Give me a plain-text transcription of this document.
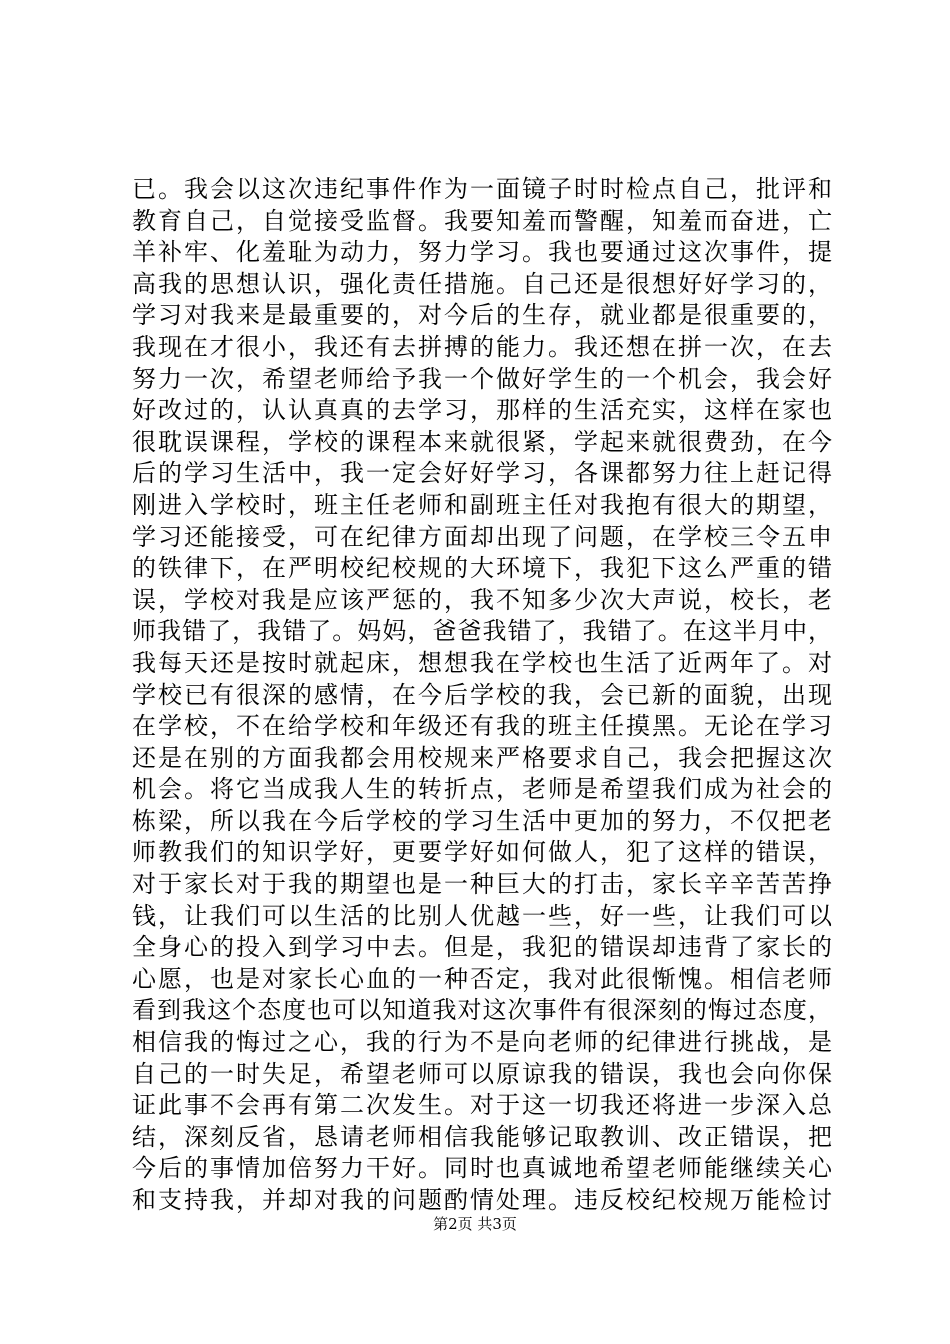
已。我会以这次违纪事件作为一面镜子时时检点自己，批评和
教育自己，自觉接受监督。我要知羞而警醒，知羞而奋进，亡
羊补牢、化羞耻为动力，努力学习。我也要通过这次事件，提
高我的思想认识，强化责任措施。自己还是很想好好学习的，
学习对我来是最重要的，对今后的生存，就业都是很重要的，
我现在才很小，我还有去拼搏的能力。我还想在拼一次，在去
努力一次，希望老师给予我一个做好学生的一个机会，我会好
好改过的，认认真真的去学习，那样的生活充实，这样在家也
很耽误课程，学校的课程本来就很紧，学起来就很费劲，在今
后的学习生活中，我一定会好好学习，各课都努力往上赶记得
刚进入学校时，班主任老师和副班主任对我抱有很大的期望，
学习还能接受，可在纪律方面却出现了问题，在学校三令五申
的铁律下，在严明校纪校规的大环境下，我犯下这么严重的错
误，学校对我是应该严惩的，我不知多少次大声说，校长，老
师我错了，我错了。妈妈，爸爸我错了，我错了。在这半月中，
我每天还是按时就起床，想想我在学校也生活了近两年了。对
学校已有很深的感情，在今后学校的我，会已新的面貌，出现
在学校，不在给学校和年级还有我的班主任摸黑。无论在学习
还是在别的方面我都会用校规来严格要求自己，我会把握这次
机会。将它当成我人生的转折点，老师是希望我们成为社会的
栋梁，所以我在今后学校的学习生活中更加的努力，不仅把老
师教我们的知识学好，更要学好如何做人，犯了这样的错误，
对于家长对于我的期望也是一种巨大的打击，家长辛辛苦苦挣
钱，让我们可以生活的比别人优越一些，好一些，让我们可以
全身心的投入到学习中去。但是，我犯的错误却违背了家长的
心愿，也是对家长心血的一种否定，我对此很惭愧。相信老师
看到我这个态度也可以知道我对这次事件有很深刻的悔过态度，
相信我的悔过之心，我的行为不是向老师的纪律进行挑战，是
自己的一时失足，希望老师可以原谅我的错误，我也会向你保
证此事不会再有第二次发生。对于这一切我还将进一步深入总
结，深刻反省，恳请老师相信我能够记取教训、改正错误，把
今后的事情加倍努力干好。同时也真诚地希望老师能继续关心
和支持我，并却对我的问题酌情处理。违反校纪校规万能检讨
第2页 共3页
